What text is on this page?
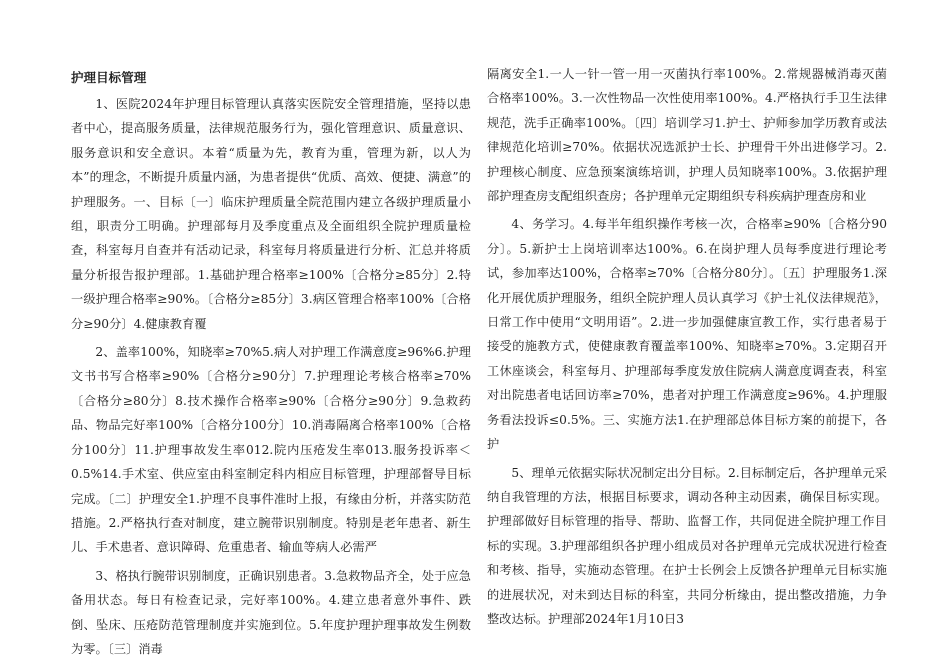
护理目标管理

1、医院2024年护理目标管理认真落实医院安全管理措施，坚持以患者中心，提高服务质量，法律规范服务行为，强化管理意识、质量意识、服务意识和安全意识。本着“质量为先，教育为重，管理为新，以人为本”的理念，不断提升质量内涵，为患者提供“优质、高效、便捷、满意”的护理服务。一、目标〔一〕临床护理质量全院范围内建立各级护理质量小组，职责分工明确。护理部每月及季度重点及全面组织全院护理质量检查，科室每月自查并有活动记录，科室每月将质量进行分析、汇总并将质量分析报告报护理部。1.基础护理合格率≥100%〔合格分≥85分〕2.特一级护理合格率≥90%。〔合格分≥85分〕3.病区管理合格率100%〔合格分≥90分〕4.健康教育覆

2、盖率100%，知晓率≥70%5.病人对护理工作满意度≥96%6.护理文书书写合格率≥90%〔合格分≥90分〕7.护理理论考核合格率≥70%〔合格分≥80分〕8.技术操作合格率≥90%〔合格分≥90分〕9.急救药品、物品完好率100%〔合格分100分〕10.消毒隔离合格率100%〔合格分100分〕11.护理事故发生率012.院内压疮发生率013.服务投诉率＜0.5%14.手术室、供应室由科室制定科内相应目标管理，护理部督导目标完成。〔二〕护理安全1.护理不良事件准时上报，有缘由分析，并落实防范措施。2.严格执行查对制度，建立腕带识别制度。特别是老年患者、新生儿、手术患者、意识障碍、危重患者、输血等病人必需严

3、格执行腕带识别制度，正确识别患者。3.急救物品齐全，处于应急备用状态。每日有检查记录，完好率100%。4.建立患者意外事件、跌倒、坠床、压疮防范管理制度并实施到位。5.年度护理护理事故发生例数为零。〔三〕消毒

隔离安全1.一人一针一管一用一灭菌执行率100%。2.常规器械消毒灭菌合格率100%。3.一次性物品一次性使用率100%。4.严格执行手卫生法律规范，洗手正确率100%。〔四〕培训学习1.护士、护师参加学历教育或法律规范化培训≥70%。依据状况选派护士长、护理骨干外出进修学习。2.护理核心制度、应急预案演练培训，护理人员知晓率100%。3.依据护理部护理查房支配组织查房；各护理单元定期组织专科疾病护理查房和业

4、务学习。4.每半年组织操作考核一次，合格率≥90%〔合格分90分〕。5.新护士上岗培训率达100%。6.在岗护理人员每季度进行理论考试，参加率达100%，合格率≥70%〔合格分80分〕。〔五〕护理服务1.深化开展优质护理服务，组织全院护理人员认真学习《护士礼仪法律规范》，日常工作中使用“文明用语”。2.进一步加强健康宣教工作，实行患者易于接受的施教方式，使健康教育覆盖率100%、知晓率≥70%。3.定期召开工休座谈会，科室每月、护理部每季度发放住院病人满意度调查表，科室对出院患者电话回访率≥70%，患者对护理工作满意度≥96%。4.护理服务看法投诉≤0.5%。三、实施方法1.在护理部总体目标方案的前提下，各护

5、理单元依据实际状况制定出分目标。2.目标制定后，各护理单元采纳自我管理的方法，根据目标要求，调动各种主动因素，确保目标实现。护理部做好目标管理的指导、帮助、监督工作，共同促进全院护理工作目标的实现。3.护理部组织各护理小组成员对各护理单元完成状况进行检查和考核、指导，实施动态管理。在护士长例会上反馈各护理单元目标实施的进展状况，对未到达目标的科室，共同分析缘由，提出整改措施，力争整改达标。护理部2024年1月10日3
